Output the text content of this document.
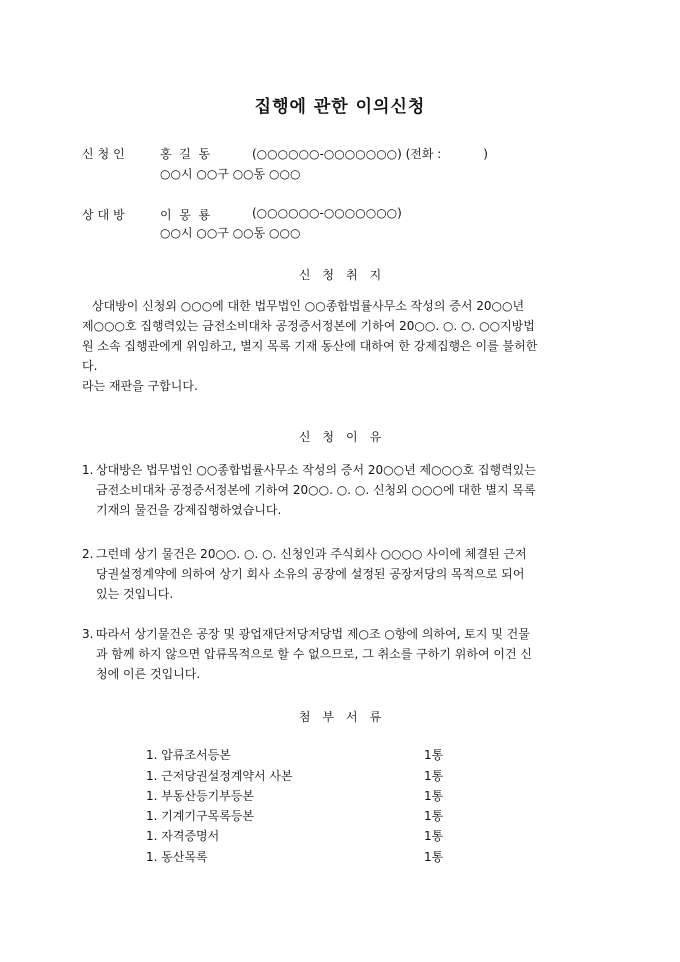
집행에 관한 이의신청
신청인	홍  길  동	(○○○○○○-○○○○○○○) (전화 :           )
○○시 ○○구 ○○동 ○○○
상대방	이  몽  룡	(○○○○○○-○○○○○○○)
○○시 ○○구 ○○동 ○○○
신청취지
상대방이 신청외 ○○○에 대한 법무법인 ○○종합법률사무소 작성의 증서 20○○년
제○○○호 집행력있는 금전소비대차 공정증서정본에 기하여 20○○. ○. ○. ○○지방법
원 소속 집행관에게 위임하고, 별지 목록 기재 동산에 대하여 한 강제집행은 이를 불허한
다.
라는 재판을 구합니다.
신청이유
1. 상대방은 법무법인 ○○종합법률사무소 작성의 증서 20○○년 제○○○호 집행력있는
금전소비대차 공정증서정본에 기하여 20○○. ○. ○. 신청외 ○○○에 대한 별지 목록
기재의 물건을 강제집행하였습니다.
2. 그런데 상기 물건은 20○○. ○. ○. 신청인과 주식회사 ○○○○ 사이에 체결된 근저
당권설정계약에 의하여 상기 회사 소유의 공장에 설정된 공장저당의 목적으로 되어
있는 것입니다.
3. 따라서 상기물건은 공장 및 광업재단저당저당법 제○조 ○항에 의하여, 토지 및 건물
과 함께 하지 않으면 압류목적으로 할 수 없으므로, 그 취소를 구하기 위하여 이건 신
청에 이른 것입니다.
첨부서류
1. 압류조서등본	1통
1. 근저당권설정계약서 사본	1통
1. 부동산등기부등본	1통
1. 기계기구목록등본	1통
1. 자격증명서	1통
1. 동산목록	1통
